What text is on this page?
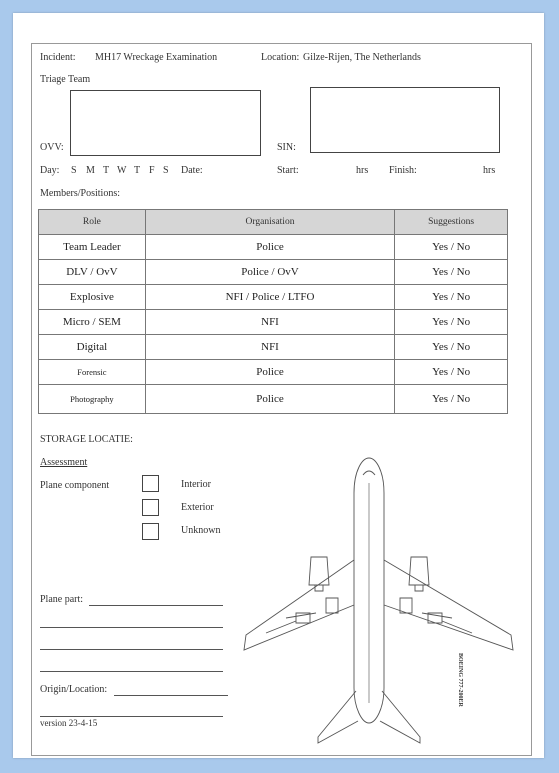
Incident: MH17 Wreckage Examination	Location: Gilze-Rijen, The Netherlands
Triage Team
OVV:	SIN:
Day: S M T W T F S Date:	Start:	hrs Finish:	hrs
Members/Positions:
Role	Organisation	Suggestions
Team Leader	Police	Yes / No
DLV / OvV	Police / OvV	Yes / No
Explosive	NFI / Police / LTFO	Yes / No
Micro / SEM	NFI	Yes / No
Digital	NFI	Yes / No
Forensic	Police	Yes / No
Photography	Police	Yes / No
STORAGE LOCATIE:
Assessment
Plane component	Interior
Exterior
Unknown
Plane part:
Origin/Location:
version 23-4-15
BOEING 777-200ER
